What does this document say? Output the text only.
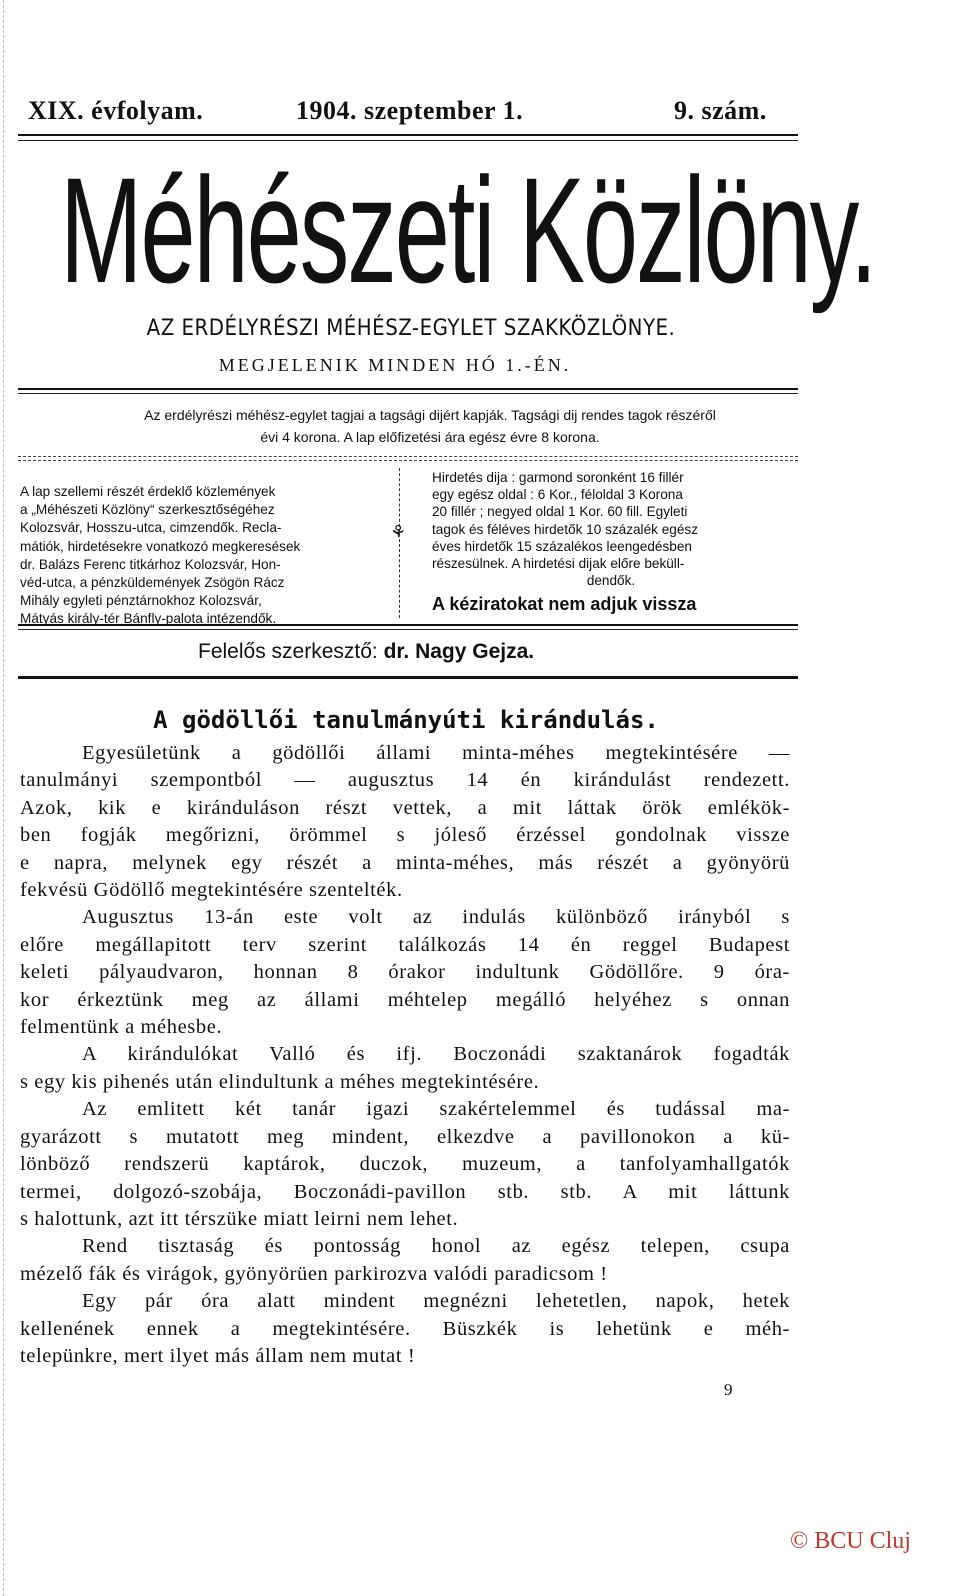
XIX. évfolyam.	1904. szeptember 1.	9. szám.
Méhészeti Közlöny.
AZ ERDÉLYRÉSZI MÉHÉSZ-EGYLET SZAKKÖZLÖNYE.
MEGJELENIK MINDEN HÓ 1.-ÉN.
Az erdélyrészi méhész-egylet tagjai a tagsági dijért kapják. Tagsági dij rendes tagok részéről
évi 4 korona. A lap előfizetési ára egész évre 8 korona.
A lap szellemi részét érdeklő közlemények
a „Méhészeti Közlöny“ szerkesztőségéhez
Kolozsvár, Hosszu-utca, cimzendők. Recla-
mátiók, hirdetésekre vonatkozó megkeresések
dr. Balázs Ferenc titkárhoz Kolozsvár, Hon-
véd-utca, a pénzküldemények Zsögön Rácz
Mihály egyleti pénztárnokhoz Kolozsvár,
Mátyás király-tér Bánfly-palota intézendők.
⚘
Hirdetés dija : garmond soronként 16 fillér
egy egész oldal : 6 Kor., féloldal 3 Korona
20 fillér ; negyed oldal 1 Kor. 60 fill. Egyleti
tagok és féléves hirdetők 10 százalék egész
éves hirdetők 15 százalékos leengedésben
részesülnek. A hirdetési dijak előre beküll-
dendők.
A kéziratokat nem adjuk vissza
Felelős szerkesztő: dr. Nagy Gejza.
A gödöllői tanulmányúti kirándulás.
Egyesületünk a gödöllői állami minta-méhes megtekintésére —
tanulmányi szempontból — augusztus 14 én kirándulást rendezett.
Azok, kik e kiránduláson részt vettek, a mit láttak örök emlékök-
ben fogják megőrizni, örömmel s jóleső érzéssel gondolnak vissze
e napra, melynek egy részét a minta-méhes, más részét a gyönyörü
fekvésü Gödöllő megtekintésére szentelték.
Augusztus 13-án este volt az indulás különböző irányból s
előre megállapitott terv szerint találkozás 14 én reggel Budapest
keleti pályaudvaron, honnan 8 órakor indultunk Gödöllőre. 9 óra-
kor érkeztünk meg az állami méhtelep megálló helyéhez s onnan
felmentünk a méhesbe.
A kirándulókat Valló és ifj. Boczonádi szaktanárok fogadták
s egy kis pihenés után elindultunk a méhes megtekintésére.
Az emlitett két tanár igazi szakértelemmel és tudással ma-
gyarázott s mutatott meg mindent, elkezdve a pavillonokon a kü-
lönböző rendszerü kaptárok, duczok, muzeum, a tanfolyamhallgatók
termei, dolgozó-szobája, Boczonádi-pavillon stb. stb. A mit láttunk
s halottunk, azt itt térszüke miatt leirni nem lehet.
Rend tisztaság és pontosság honol az egész telepen, csupa
mézelő fák és virágok, gyönyörüen parkirozva valódi paradicsom !
Egy pár óra alatt mindent megnézni lehetetlen, napok, hetek
kellenének ennek a megtekintésére. Büszkék is lehetünk e méh-
telepünkre, mert ilyet más állam nem mutat !
9
© BCU Cluj
